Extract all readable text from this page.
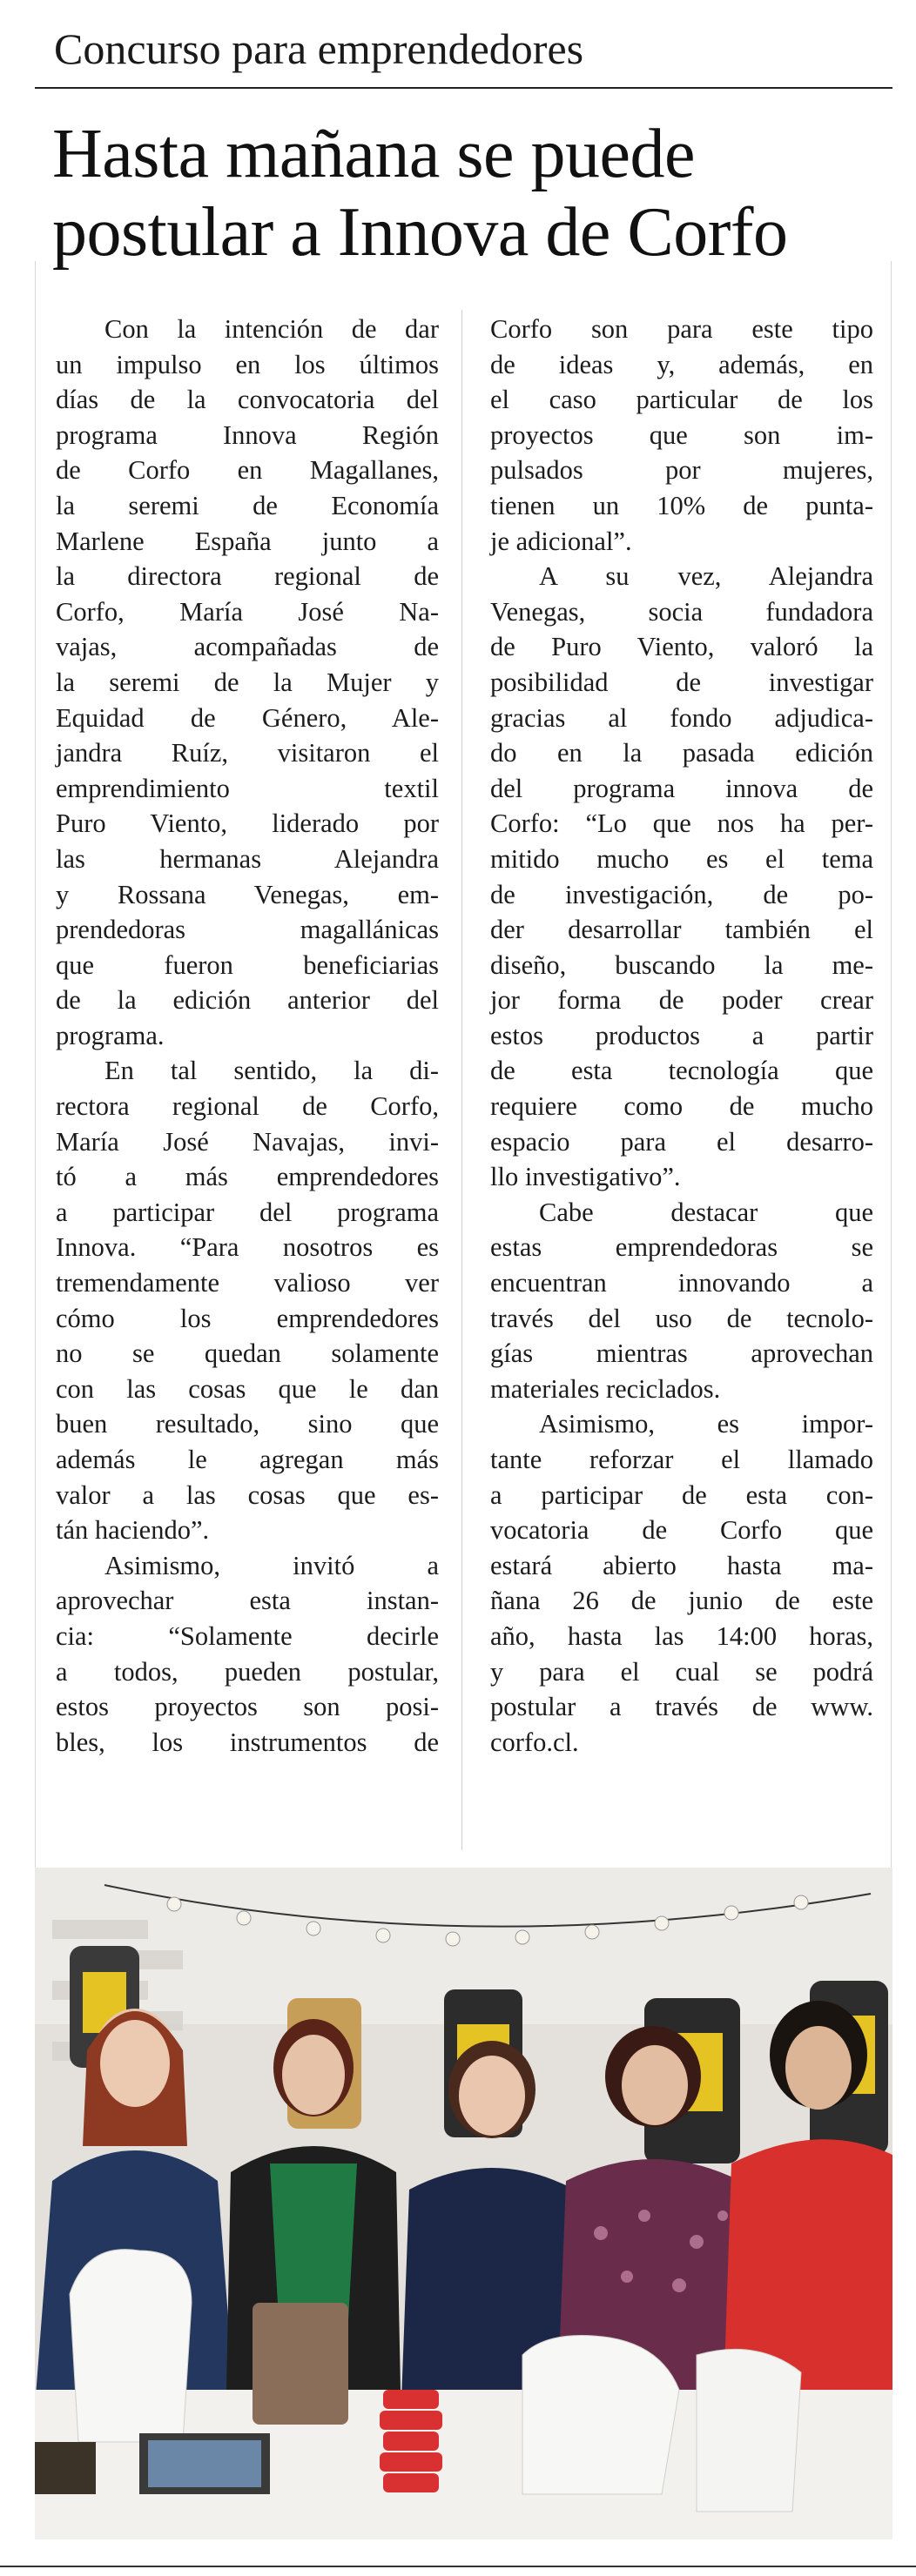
Concurso para emprendedores
Hasta mañana se puede
postular a Innova de Corfo
Con la intención de dar
un impulso en los últimos
días de la convocatoria del
programa Innova Región
de Corfo en Magallanes,
la seremi de Economía
Marlene España junto a
la directora regional de
Corfo, María José Na-
vajas, acompañadas de
la seremi de la Mujer y
Equidad de Género, Ale-
jandra Ruíz, visitaron el
emprendimiento textil
Puro Viento, liderado por
las hermanas Alejandra
y Rossana Venegas, em-
prendedoras magallánicas
que fueron beneficiarias
de la edición anterior del
programa.
En tal sentido, la di-
rectora regional de Corfo,
María José Navajas, invi-
tó a más emprendedores
a participar del programa
Innova. “Para nosotros es
tremendamente valioso ver
cómo los emprendedores
no se quedan solamente
con las cosas que le dan
buen resultado, sino que
además le agregan más
valor a las cosas que es-
tán haciendo”.
Asimismo, invitó a
aprovechar esta instan-
cia: “Solamente decirle
a todos, pueden postular,
estos proyectos son posi-
bles, los instrumentos de
Corfo son para este tipo
de ideas y, además, en
el caso particular de los
proyectos que son im-
pulsados por mujeres,
tienen un 10% de punta-
je adicional”.
A su vez, Alejandra
Venegas, socia fundadora
de Puro Viento, valoró la
posibilidad de investigar
gracias al fondo adjudica-
do en la pasada edición
del programa innova de
Corfo: “Lo que nos ha per-
mitido mucho es el tema
de investigación, de po-
der desarrollar también el
diseño, buscando la me-
jor forma de poder crear
estos productos a partir
de esta tecnología que
requiere como de mucho
espacio para el desarro-
llo investigativo”.
Cabe destacar que
estas emprendedoras se
encuentran innovando a
través del uso de tecnolo-
gías mientras aprovechan
materiales reciclados.
Asimismo, es impor-
tante reforzar el llamado
a participar de esta con-
vocatoria de Corfo que
estará abierto hasta ma-
ñana 26 de junio de este
año, hasta las 14:00 horas,
y para el cual se podrá
postular a través de www.
corfo.cl.
